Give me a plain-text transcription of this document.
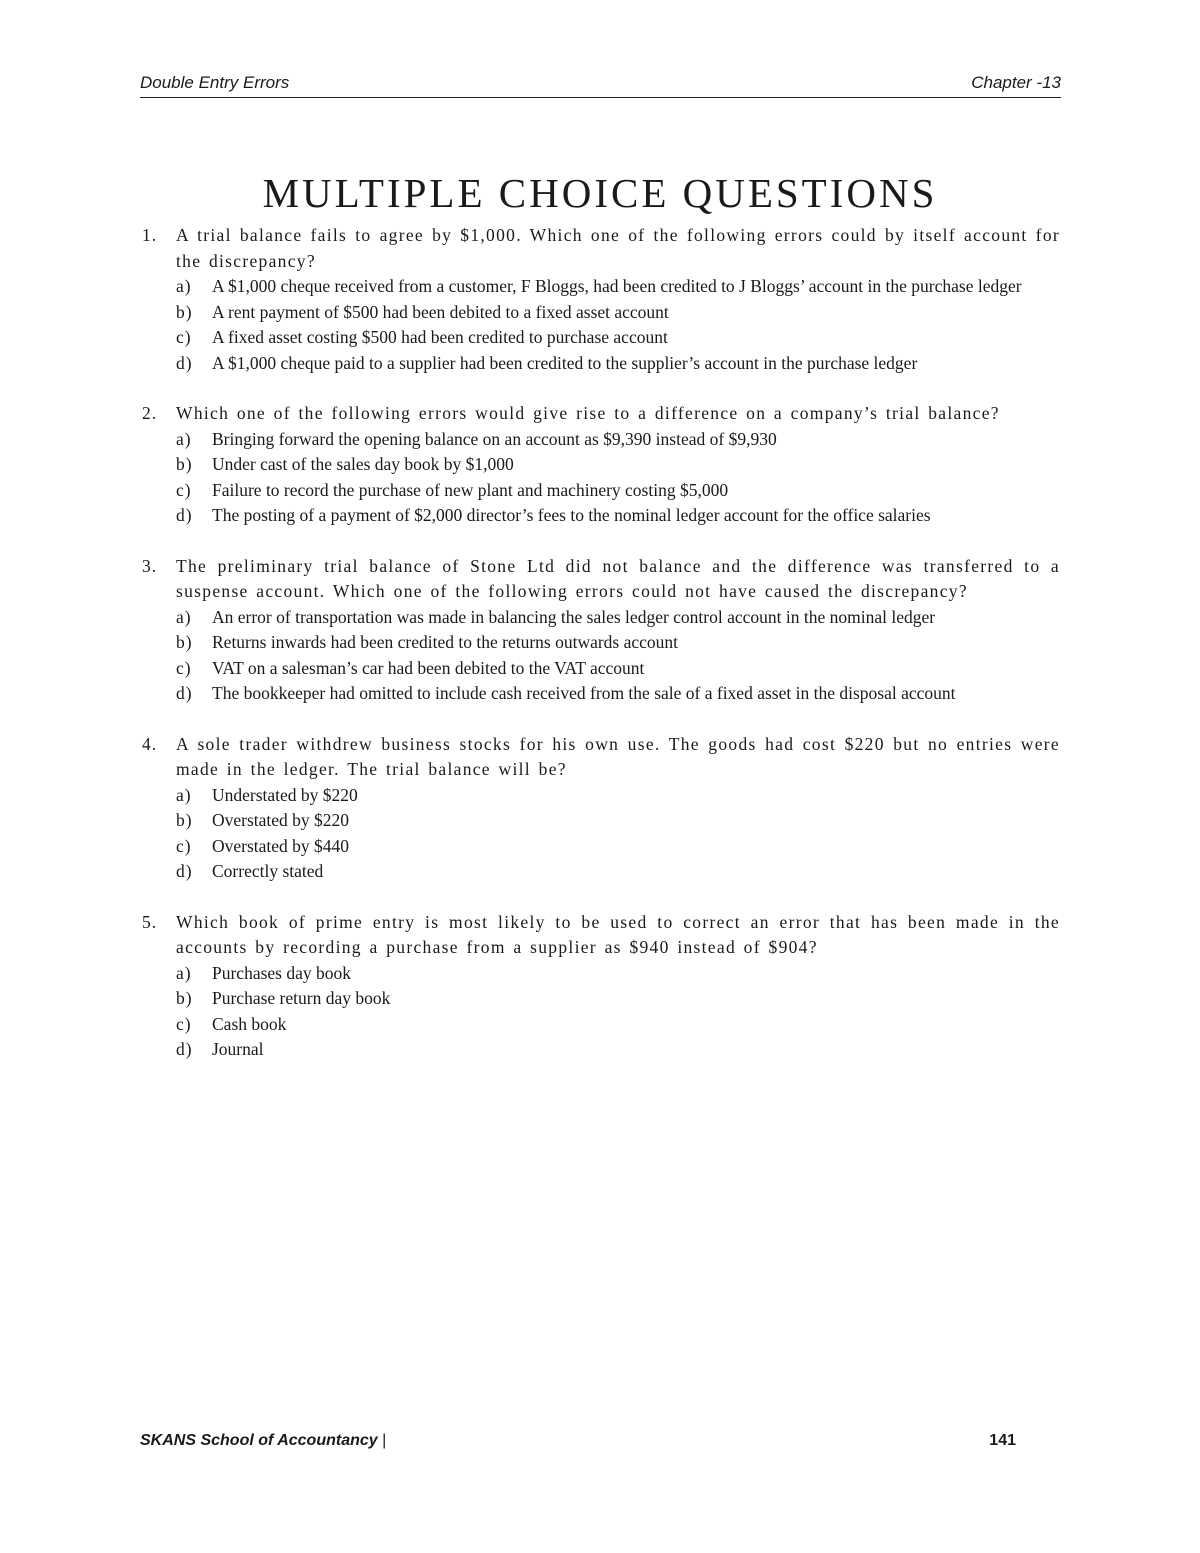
Double Entry Errors	Chapter -13
MULTIPLE CHOICE QUESTIONS
1. A trial balance fails to agree by $1,000. Which one of the following errors could by itself account for the discrepancy?
a) A $1,000 cheque received from a customer, F Bloggs, had been credited to J Bloggs’ account in the purchase ledger
b) A rent payment of $500 had been debited to a fixed asset account
c) A fixed asset costing $500 had been credited to purchase account
d) A $1,000 cheque paid to a supplier had been credited to the supplier’s account in the purchase ledger
2. Which one of the following errors would give rise to a difference on a company’s trial balance?
a) Bringing forward the opening balance on an account as $9,390 instead of $9,930
b) Under cast of the sales day book by $1,000
c) Failure to record the purchase of new plant and machinery costing $5,000
d) The posting of a payment of $2,000 director’s fees to the nominal ledger account for the office salaries
3. The preliminary trial balance of Stone Ltd did not balance and the difference was transferred to a suspense account. Which one of the following errors could not have caused the discrepancy?
a) An error of transportation was made in balancing the sales ledger control account in the nominal ledger
b) Returns inwards had been credited to the returns outwards account
c) VAT on a salesman’s car had been debited to the VAT account
d) The bookkeeper had omitted to include cash received from the sale of a fixed asset in the disposal account
4. A sole trader withdrew business stocks for his own use. The goods had cost $220 but no entries were made in the ledger. The trial balance will be?
a) Understated by $220
b) Overstated by $220
c) Overstated by $440
d) Correctly stated
5. Which book of prime entry is most likely to be used to correct an error that has been made in the accounts by recording a purchase from a supplier as $940 instead of $904?
a) Purchases day book
b) Purchase return day book
c) Cash book
d) Journal
SKANS School of Accountancy |	141
